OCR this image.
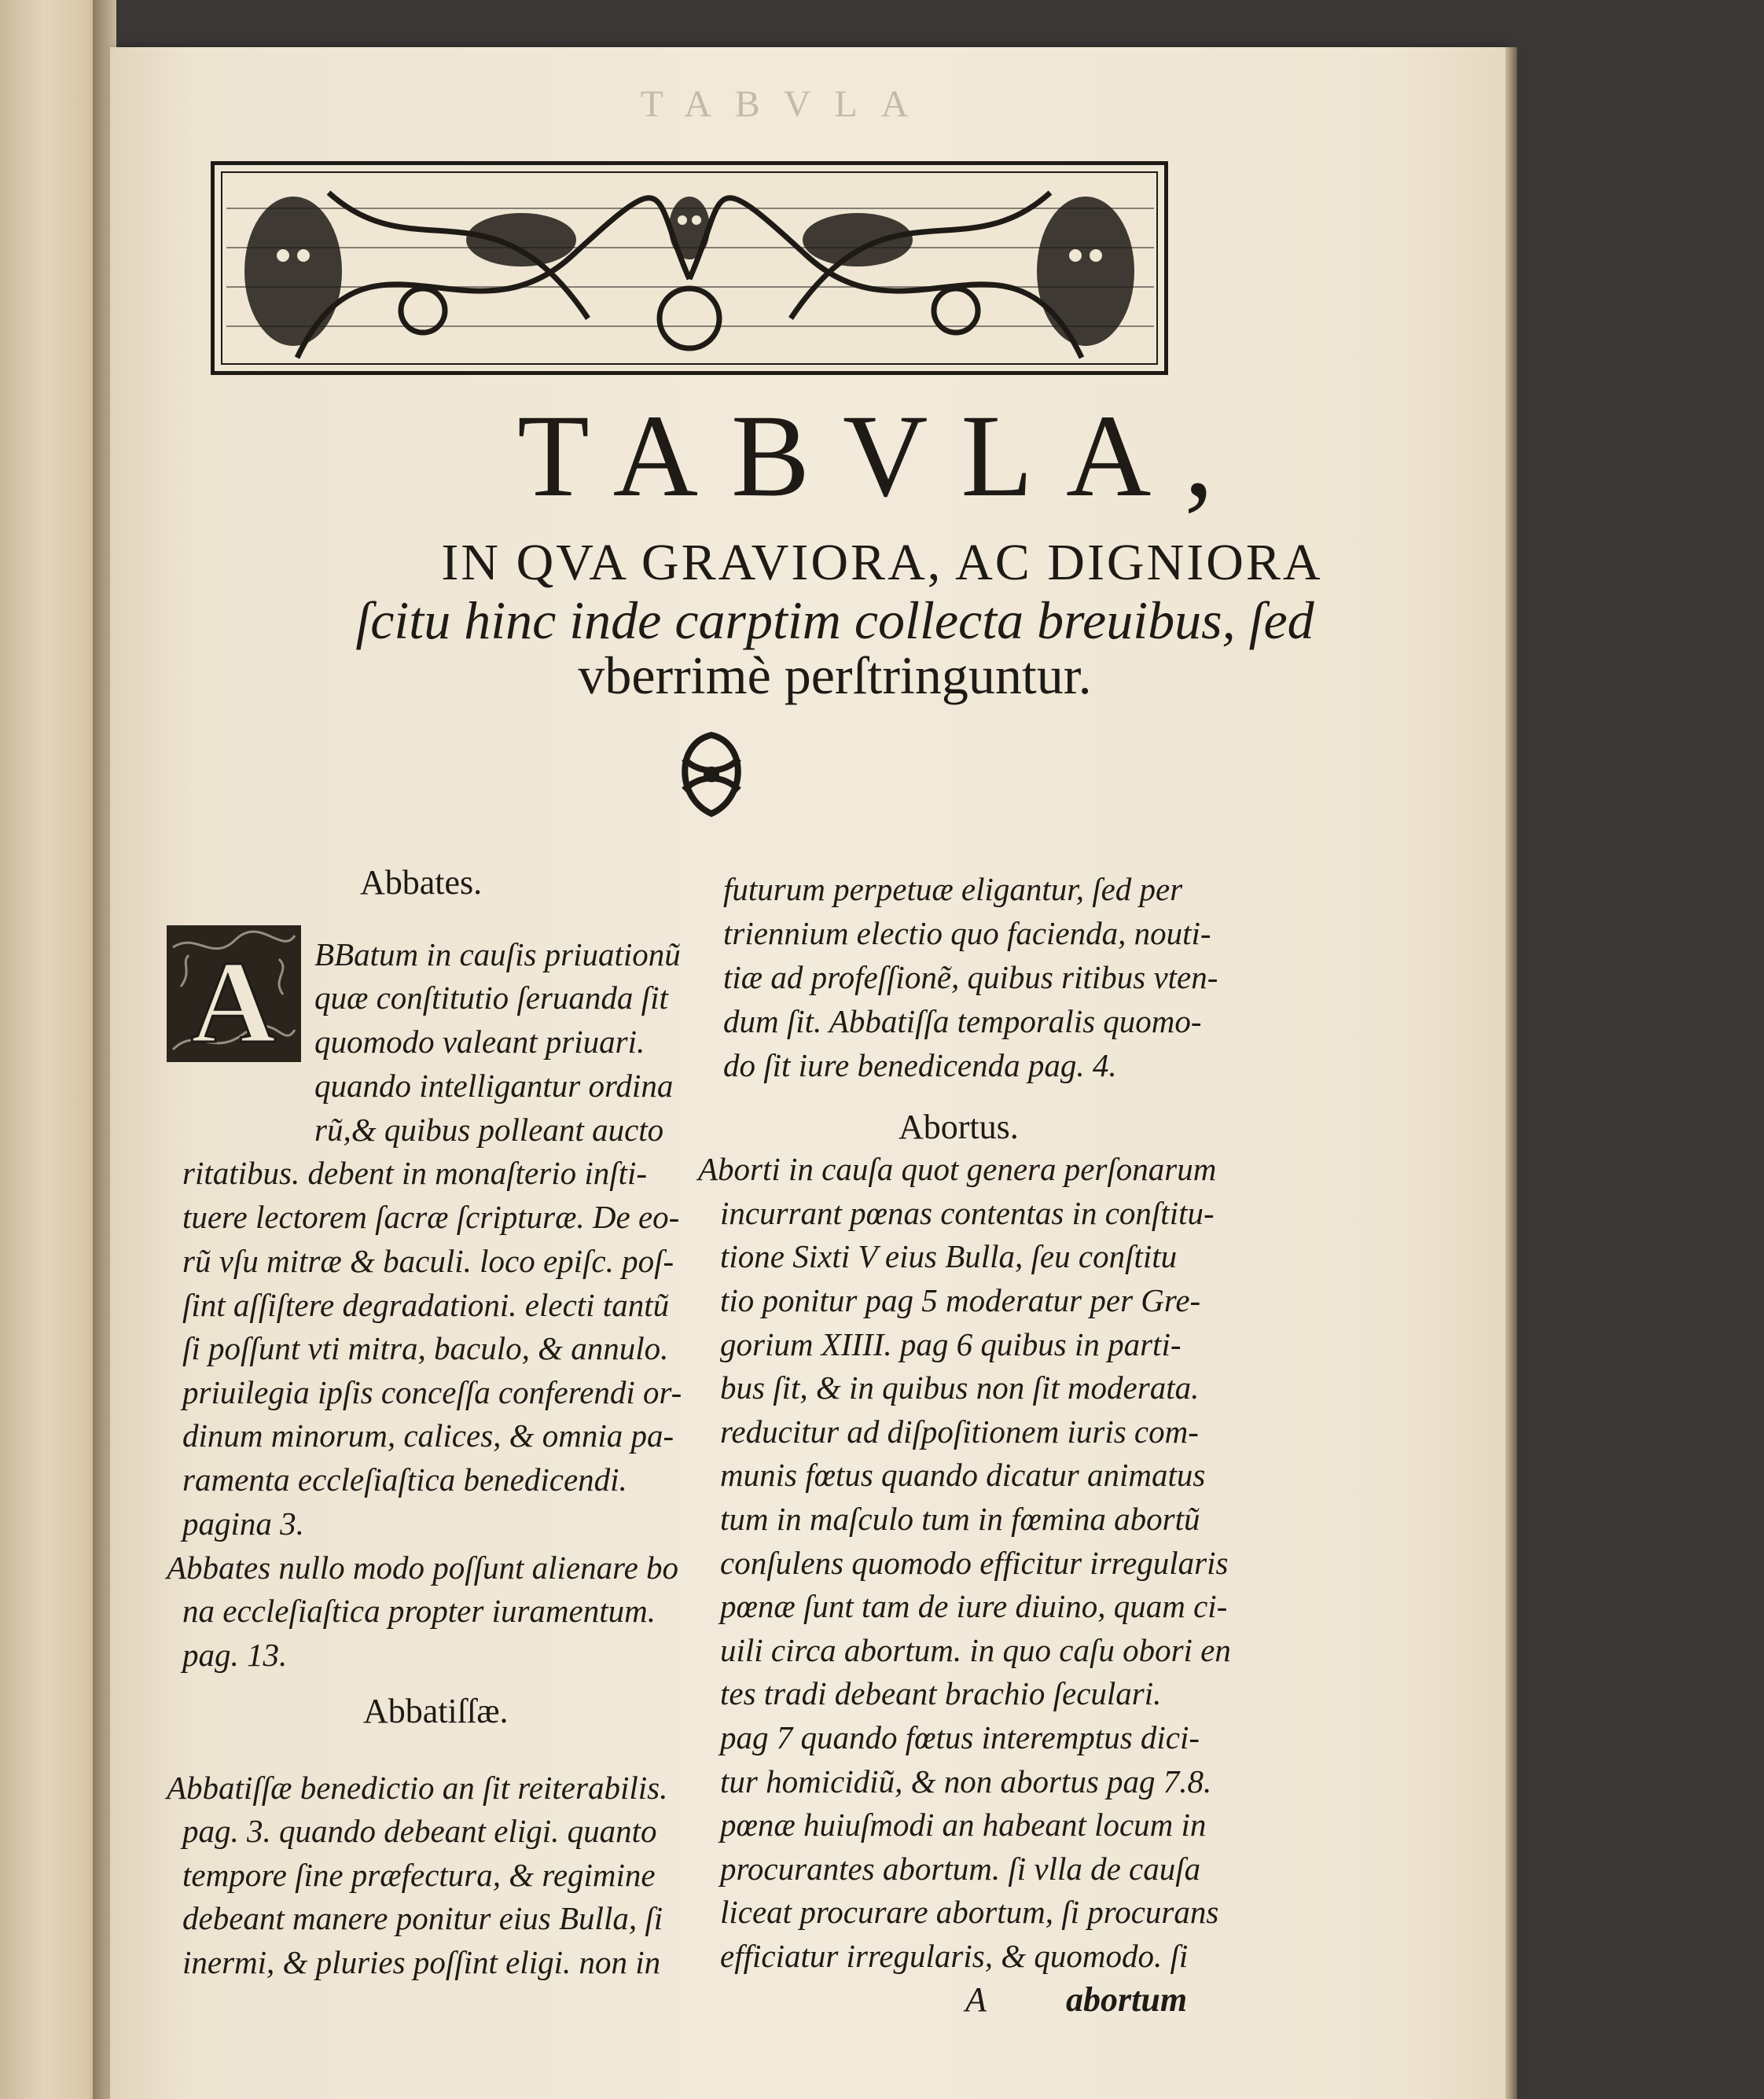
TABVLA
TABVLA,
IN QVA GRAVIORA, AC DIGNIORA
ſcitu hinc inde carptim collecta breuibus, ſed
vberrimè perſtringuntur.
Abbates.
A BBatum in cauſis priuationũ
quæ conſtitutio ſeruanda ſit
quomodo valeant priuari.
quando intelligantur ordina
rũ,& quibus polleant aucto
ritatibus. debent in monaſterio inſti-
tuere lectorem ſacræ ſcripturæ. De eo-
rũ vſu mitræ & baculi. loco epiſc. poſ-
ſint aſſiſtere degradationi. electi tantũ
ſi poſſunt vti mitra, baculo, & annulo.
priuilegia ipſis conceſſa conferendi or-
dinum minorum, calices, & omnia pa-
ramenta eccleſiaſtica benedicendi.
pagina 3.
Abbates nullo modo poſſunt alienare bo
na eccleſiaſtica propter iuramentum.
pag. 13.
Abbatiſſæ.
Abbatiſſæ benedictio an ſit reiterabilis.
pag. 3. quando debeant eligi. quanto
tempore ſine præfectura, & regimine
debeant manere ponitur eius Bulla, ſi
inermi, & pluries poſſint eligi. non in
futurum perpetuæ eligantur, ſed per
triennium electio quo facienda, nouti-
tiæ ad profeſſionẽ, quibus ritibus vten-
dum ſit. Abbatiſſa temporalis quomo-
do ſit iure benedicenda pag. 4.
Abortus.
Aborti in cauſa quot genera perſonarum
incurrant pœnas contentas in conſtitu-
tione Sixti V eius Bulla, ſeu conſtitu
tio ponitur pag 5 moderatur per Gre-
gorium XIIII. pag 6 quibus in parti-
bus ſit, & in quibus non ſit moderata.
reducitur ad diſpoſitionem iuris com-
munis fœtus quando dicatur animatus
tum in maſculo tum in fœmina abortũ
conſulens quomodo efficitur irregularis
pœnæ ſunt tam de iure diuino, quam ci-
uili circa abortum. in quo caſu obori en
tes tradi debeant brachio ſeculari.
pag 7 quando fœtus interemptus dici-
tur homicidiũ, & non abortus pag 7.8.
pœnæ huiuſmodi an habeant locum in
procurantes abortum. ſi vlla de cauſa
liceat procurare abortum, ſi procurans
efficiatur irregularis, & quomodo. ſi
A abortum
